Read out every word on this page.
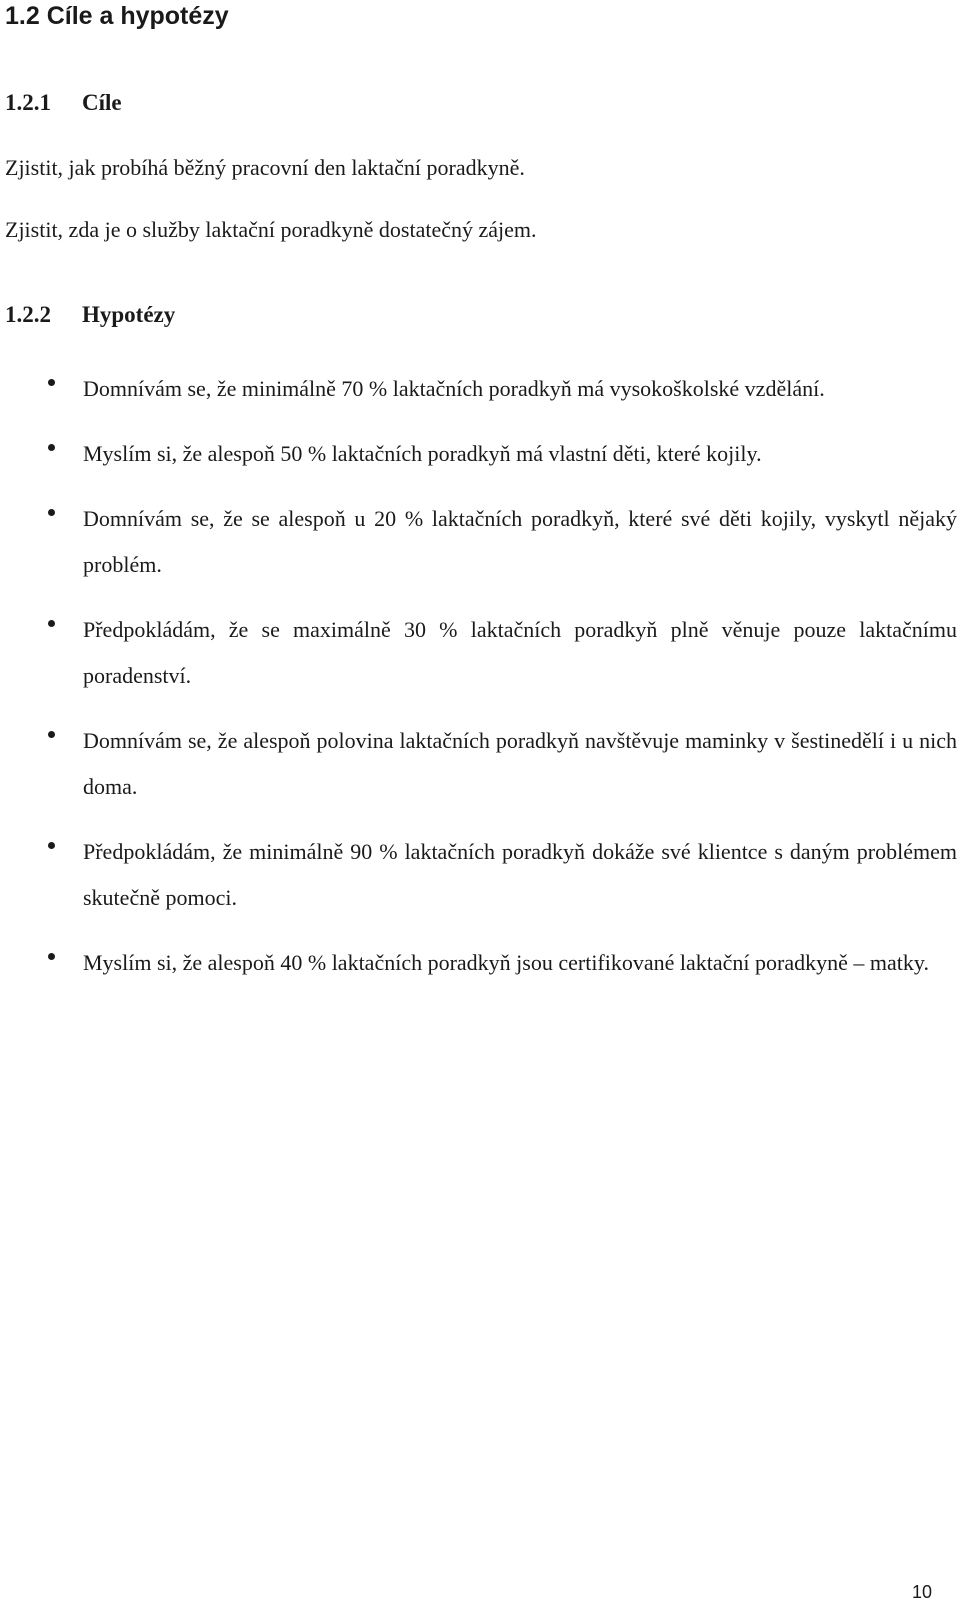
1.2 Cíle a hypotézy
1.2.1 Cíle

Zjistit, jak probíhá běžný pracovní den laktační poradkyně.

Zjistit, zda je o služby laktační poradkyně dostatečný zájem.

1.2.2 Hypotézy
Domnívám se, že minimálně 70 % laktačních poradkyň má vysokoškolské vzdělání.
Myslím si, že alespoň 50 % laktačních poradkyň má vlastní děti, které kojily.
Domnívám se, že se alespoň u 20 % laktačních poradkyň, které své děti kojily, vyskytl nějaký problém.
Předpokládám, že se maximálně 30 % laktačních poradkyň plně věnuje pouze laktačnímu poradenství.
Domnívám se, že alespoň polovina laktačních poradkyň navštěvuje maminky v šestinedělí i u nich doma.
Předpokládám, že minimálně 90 % laktačních poradkyň dokáže své klientce s daným problémem skutečně pomoci.
Myslím si, že alespoň 40 % laktačních poradkyň jsou certifikované laktační poradkyně – matky.
10
